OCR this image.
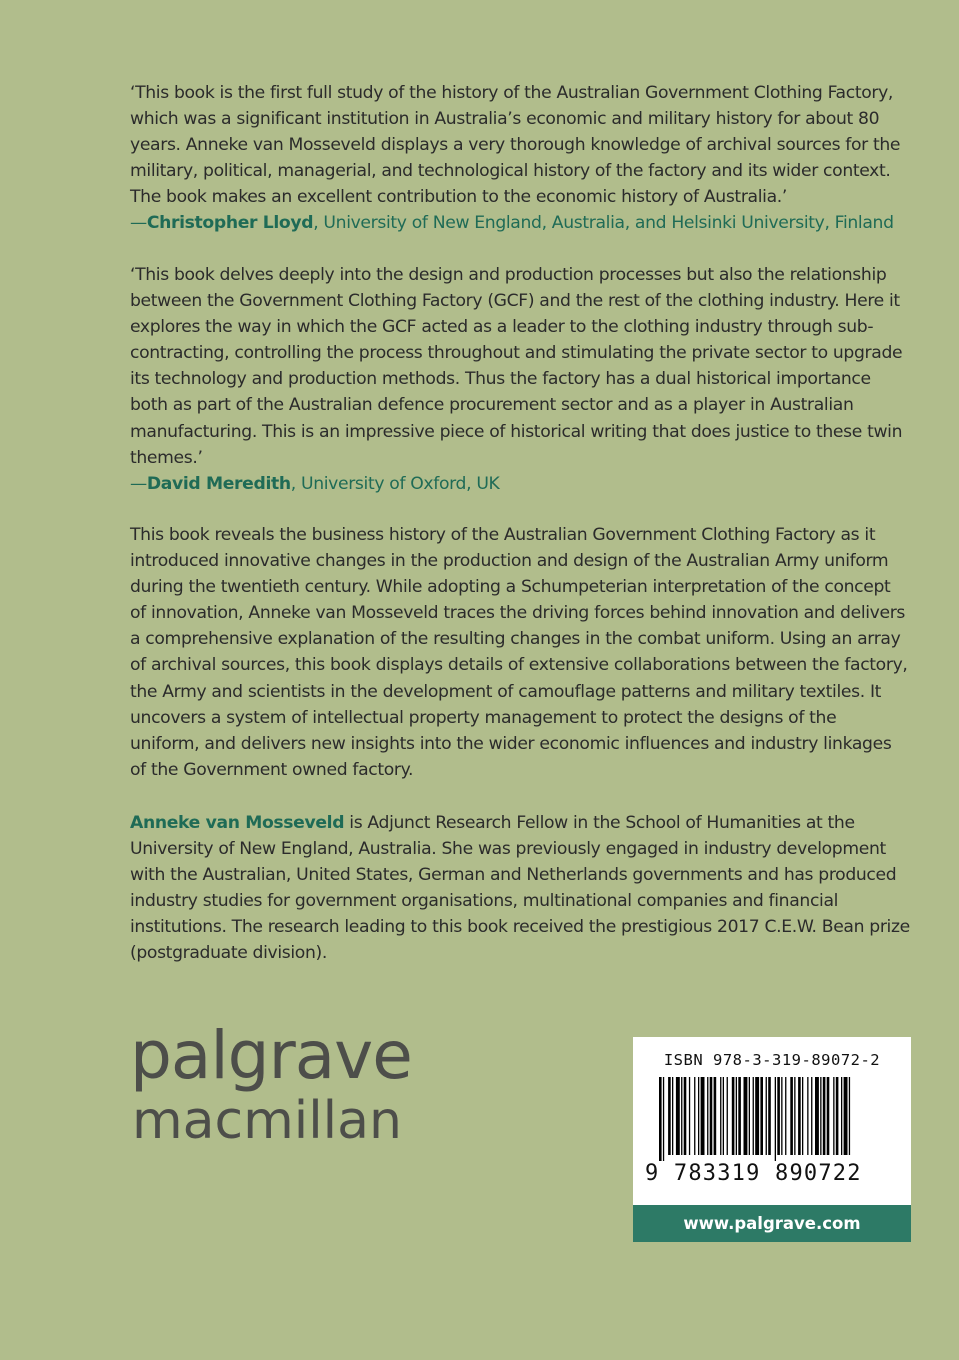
‘This book is the first full study of the history of the Australian Government Clothing Factory, which was a significant institution in Australia’s economic and military history for about 80 years. Anneke van Mosseveld displays a very thorough knowledge of archival sources for the military, political, managerial, and technological history of the factory and its wider context. The book makes an excellent contribution to the economic history of Australia.’

—Christopher Lloyd, University of New England, Australia, and Helsinki University, Finland

‘This book delves deeply into the design and production processes but also the relationship between the Government Clothing Factory (GCF) and the rest of the clothing industry. Here it explores the way in which the GCF acted as a leader to the clothing industry through sub-contracting, controlling the process throughout and stimulating the private sector to upgrade its technology and production methods. Thus the factory has a dual historical importance both as part of the Australian defence procurement sector and as a player in Australian manufacturing. This is an impressive piece of historical writing that does justice to these twin themes.’

—David Meredith, University of Oxford, UK

This book reveals the business history of the Australian Government Clothing Factory as it introduced innovative changes in the production and design of the Australian Army uniform during the twentieth century. While adopting a Schumpeterian interpretation of the concept of innovation, Anneke van Mosseveld traces the driving forces behind innovation and delivers a comprehensive explanation of the resulting changes in the combat uniform. Using an array of archival sources, this book displays details of extensive collaborations between the factory, the Army and scientists in the development of camouflage patterns and military textiles. It uncovers a system of intellectual property management to protect the designs of the uniform, and delivers new insights into the wider economic influences and industry linkages of the Government owned factory.

Anneke van Mosseveld is Adjunct Research Fellow in the School of Humanities at the University of New England, Australia. She was previously engaged in industry development with the Australian, United States, German and Netherlands governments and has produced industry studies for government organisations, multinational companies and financial institutions. The research leading to this book received the prestigious 2017 C.E.W. Bean prize (postgraduate division).

palgrave
macmillan
ISBN 978-3-319-89072-2
9 783319 890722
www.palgrave.com
